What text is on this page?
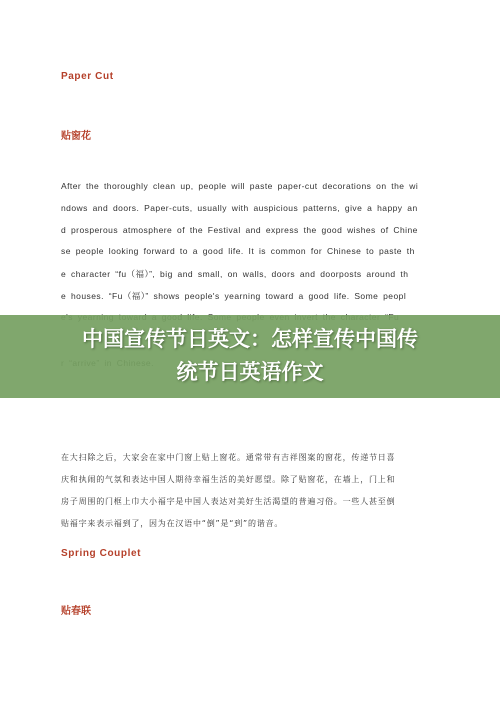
Paper Cut
贴窗花
After the thoroughly clean up, people will paste paper-cut decorations on the wi
ndows and doors. Paper-cuts, usually with auspicious patterns, give a happy an
d prosperous atmosphere of the Festival and express the good wishes of Chine
se people looking forward to a good life. It is common for Chinese to paste th
e character “fu（福）”, big and small, on walls, doors and doorposts around th
e houses. “Fu（福）” shows people's yearning toward a good life. Some peopl
在大扫除之后，大家会在家中门窗上贴上窗花。通常带有吉祥图案的窗花，传递节日喜
庆和执闹的气氛和表达中国人期待幸福生活的美好愿望。除了贴窗花，在墙上，门上和
房子周围的门框上巾大小福字是中国人表达对美好生活渴望的普遍习俗。一些人甚至倒
贴福字来表示福到了，因为在汉语中“倒”是“到”的谐音。
Spring Couplet
贴春联
中国宣传节日英文：怎样宣传中国传
统节日英语作文
